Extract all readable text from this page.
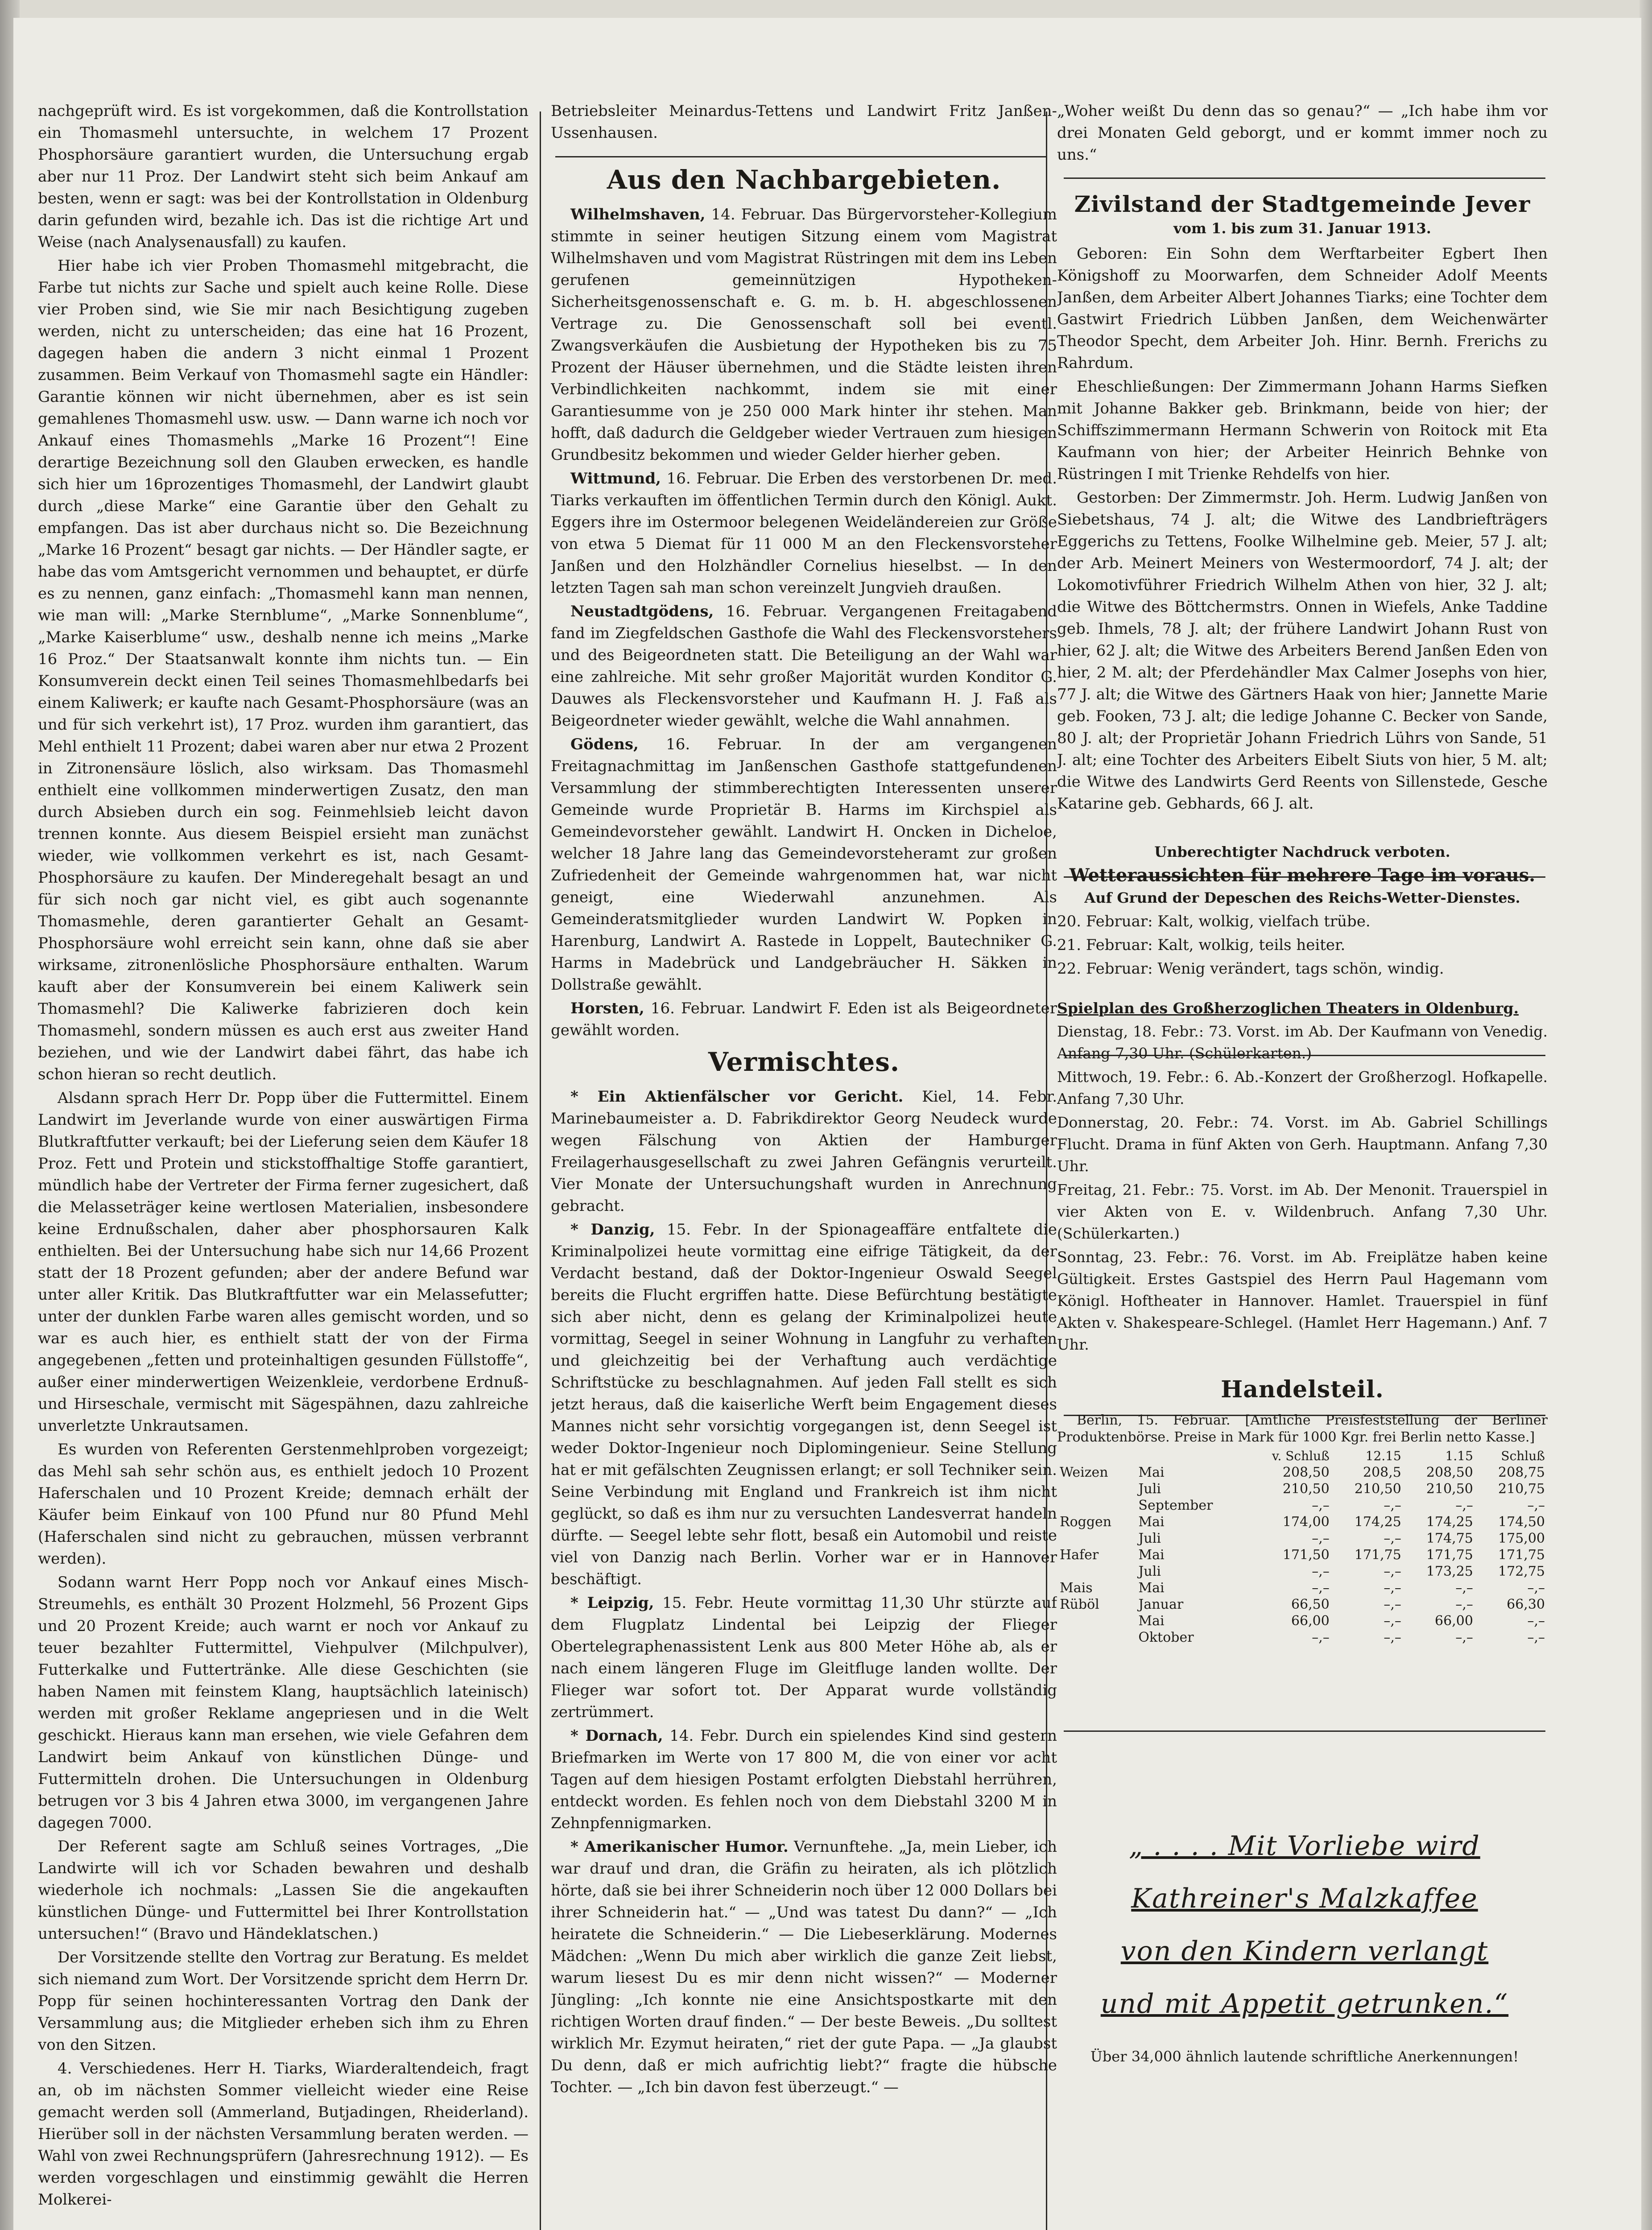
nachgeprüft wird. Es ist vorgekommen, daß die Kontrollstation ein Thomasmehl untersuchte, in welchem 17 Prozent Phosphorsäure garantiert wurden, die Untersuchung ergab aber nur 11 Proz. Der Landwirt steht sich beim Ankauf am besten, wenn er sagt: was bei der Kontrollstation in Oldenburg darin gefunden wird, bezahle ich. Das ist die richtige Art und Weise (nach Analysenausfall) zu kaufen.

Hier habe ich vier Proben Thomasmehl mitgebracht, die Farbe tut nichts zur Sache und spielt auch keine Rolle. Diese vier Proben sind, wie Sie mir nach Besichtigung zugeben werden, nicht zu unterscheiden; das eine hat 16 Prozent, dagegen haben die andern 3 nicht einmal 1 Prozent zusammen. Beim Verkauf von Thomasmehl sagte ein Händler: Garantie können wir nicht übernehmen, aber es ist sein gemahlenes Thomasmehl usw. usw. — Dann warne ich noch vor Ankauf eines Thomasmehls „Marke 16 Prozent“! Eine derartige Bezeichnung soll den Glauben erwecken, es handle sich hier um 16prozentiges Thomasmehl, der Landwirt glaubt durch „diese Marke“ eine Garantie über den Gehalt zu empfangen. Das ist aber durchaus nicht so. Die Bezeichnung „Marke 16 Prozent“ besagt gar nichts. — Der Händler sagte, er habe das vom Amtsgericht vernommen und behauptet, er dürfe es zu nennen, ganz einfach: „Thomasmehl kann man nennen, wie man will: „Marke Sternblume“, „Marke Sonnenblume“, „Marke Kaiserblume“ usw., deshalb nenne ich meins „Marke 16 Proz.“ Der Staatsanwalt konnte ihm nichts tun. — Ein Konsumverein deckt einen Teil seines Thomasmehlbedarfs bei einem Kaliwerk; er kaufte nach Gesamt-Phosphorsäure (was an und für sich verkehrt ist), 17 Proz. wurden ihm garantiert, das Mehl enthielt 11 Prozent; dabei waren aber nur etwa 2 Prozent in Zitronensäure löslich, also wirksam. Das Thomasmehl enthielt eine vollkommen minderwertigen Zusatz, den man durch Absieben durch ein sog. Feinmehlsieb leicht davon trennen konnte. Aus diesem Beispiel ersieht man zunächst wieder, wie vollkommen verkehrt es ist, nach Gesamt-Phosphorsäure zu kaufen. Der Minderegehalt besagt an und für sich noch gar nicht viel, es gibt auch sogenannte Thomasmehle, deren garantierter Gehalt an Gesamt-Phosphorsäure wohl erreicht sein kann, ohne daß sie aber wirksame, zitronenlösliche Phosphorsäure enthalten. Warum kauft aber der Konsumverein bei einem Kaliwerk sein Thomasmehl? Die Kaliwerke fabrizieren doch kein Thomasmehl, sondern müssen es auch erst aus zweiter Hand beziehen, und wie der Landwirt dabei fährt, das habe ich schon hieran so recht deutlich.

Alsdann sprach Herr Dr. Popp über die Futtermittel. Einem Landwirt im Jeverlande wurde von einer auswärtigen Firma Blutkraftfutter verkauft; bei der Lieferung seien dem Käufer 18 Proz. Fett und Protein und stickstoffhaltige Stoffe garantiert, mündlich habe der Vertreter der Firma ferner zugesichert, daß die Melasseträger keine wertlosen Materialien, insbesondere keine Erdnußschalen, daher aber phosphorsauren Kalk enthielten. Bei der Untersuchung habe sich nur 14,66 Prozent statt der 18 Prozent gefunden; aber der andere Befund war unter aller Kritik. Das Blutkraftfutter war ein Melassefutter; unter der dunklen Farbe waren alles gemischt worden, und so war es auch hier, es enthielt statt der von der Firma angegebenen „fetten und proteinhaltigen gesunden Füllstoffe“, außer einer minderwertigen Weizenkleie, verdorbene Erdnuß- und Hirseschale, vermischt mit Sägespähnen, dazu zahlreiche unverletzte Unkrautsamen.

Es wurden von Referenten Gerstenmehlproben vorgezeigt; das Mehl sah sehr schön aus, es enthielt jedoch 10 Prozent Haferschalen und 10 Prozent Kreide; demnach erhält der Käufer beim Einkauf von 100 Pfund nur 80 Pfund Mehl (Haferschalen sind nicht zu gebrauchen, müssen verbrannt werden).

Sodann warnt Herr Popp noch vor Ankauf eines Misch-Streumehls, es enthält 30 Prozent Holzmehl, 56 Prozent Gips und 20 Prozent Kreide; auch warnt er noch vor Ankauf zu teuer bezahlter Futtermittel, Viehpulver (Milchpulver), Futterkalke und Futtertränke. Alle diese Geschichten (sie haben Namen mit feinstem Klang, hauptsächlich lateinisch) werden mit großer Reklame angepriesen und in die Welt geschickt. Hieraus kann man ersehen, wie viele Gefahren dem Landwirt beim Ankauf von künstlichen Dünge- und Futtermitteln drohen. Die Untersuchungen in Oldenburg betrugen vor 3 bis 4 Jahren etwa 3000, im vergangenen Jahre dagegen 7000.

Der Referent sagte am Schluß seines Vortrages, „Die Landwirte will ich vor Schaden bewahren und deshalb wiederhole ich nochmals: „Lassen Sie die angekauften künstlichen Dünge- und Futtermittel bei Ihrer Kontrollstation untersuchen!“ (Bravo und Händeklatschen.)

Der Vorsitzende stellte den Vortrag zur Beratung. Es meldet sich niemand zum Wort. Der Vorsitzende spricht dem Herrn Dr. Popp für seinen hochinteressanten Vortrag den Dank der Versammlung aus; die Mitglieder erheben sich ihm zu Ehren von den Sitzen.

4. Verschiedenes. Herr H. Tiarks, Wiarderaltendeich, fragt an, ob im nächsten Sommer vielleicht wieder eine Reise gemacht werden soll (Ammerland, Butjadingen, Rheiderland). Hierüber soll in der nächsten Versammlung beraten werden. — Wahl von zwei Rechnungsprüfern (Jahresrechnung 1912). — Es werden vorgeschlagen und einstimmig gewählt die Herren Molkerei-

Betriebsleiter Meinardus-Tettens und Landwirt Fritz Janßen-Ussenhausen.

Aus den Nachbargebieten.

Wilhelmshaven, 14. Februar. Das Bürgervorsteher-Kollegium stimmte in seiner heutigen Sitzung einem vom Magistrat Wilhelmshaven und vom Magistrat Rüstringen mit dem ins Leben gerufenen gemeinnützigen Hypotheken-Sicherheitsgenossenschaft e. G. m. b. H. abgeschlossenen Vertrage zu. Die Genossenschaft soll bei eventl. Zwangsverkäufen die Ausbietung der Hypotheken bis zu 75 Prozent der Häuser übernehmen, und die Städte leisten ihren Verbindlichkeiten nachkommt, indem sie mit einer Garantiesumme von je 250 000 Mark hinter ihr stehen. Man hofft, daß dadurch die Geldgeber wieder Vertrauen zum hiesigen Grundbesitz bekommen und wieder Gelder hierher geben.

Wittmund, 16. Februar. Die Erben des verstorbenen Dr. med. Tiarks verkauften im öffentlichen Termin durch den Königl. Aukt. Eggers ihre im Ostermoor belegenen Weideländereien zur Größe von etwa 5 Diemat für 11 000 M an den Fleckensvorsteher Janßen und den Holzhändler Cornelius hieselbst. — In den letzten Tagen sah man schon vereinzelt Jungvieh draußen.

Neustadtgödens, 16. Februar. Vergangenen Freitagabend fand im Ziegfeldschen Gasthofe die Wahl des Fleckensvorstehers und des Beigeordneten statt. Die Beteiligung an der Wahl war eine zahlreiche. Mit sehr großer Majorität wurden Konditor G. Dauwes als Fleckensvorsteher und Kaufmann H. J. Faß als Beigeordneter wieder gewählt, welche die Wahl annahmen.

Gödens, 16. Februar. In der am vergangenen Freitagnachmittag im Janßenschen Gasthofe stattgefundenen Versammlung der stimmberechtigten Interessenten unserer Gemeinde wurde Proprietär B. Harms im Kirchspiel als Gemeindevorsteher gewählt. Landwirt H. Oncken in Dicheloe, welcher 18 Jahre lang das Gemeindevorsteheramt zur großen Zufriedenheit der Gemeinde wahrgenommen hat, war nicht geneigt, eine Wiederwahl anzunehmen. Als Gemeinderatsmitglieder wurden Landwirt W. Popken in Harenburg, Landwirt A. Rastede in Loppelt, Bautechniker G. Harms in Madebrück und Landgebräucher H. Säkken in Dollstraße gewählt.

Horsten, 16. Februar. Landwirt F. Eden ist als Beigeordneter gewählt worden.

Vermischtes.

* Ein Aktienfälscher vor Gericht. Kiel, 14. Febr. Marinebaumeister a. D. Fabrikdirektor Georg Neudeck wurde wegen Fälschung von Aktien der Hamburger Freilagerhausgesellschaft zu zwei Jahren Gefängnis verurteilt. Vier Monate der Untersuchungshaft wurden in Anrechnung gebracht.

* Danzig, 15. Febr. In der Spionageaffäre entfaltete die Kriminalpolizei heute vormittag eine eifrige Tätigkeit, da der Verdacht bestand, daß der Doktor-Ingenieur Oswald Seegel bereits die Flucht ergriffen hatte. Diese Befürchtung bestätigte sich aber nicht, denn es gelang der Kriminalpolizei heute vormittag, Seegel in seiner Wohnung in Langfuhr zu verhaften und gleichzeitig bei der Verhaftung auch verdächtige Schriftstücke zu beschlagnahmen. Auf jeden Fall stellt es sich jetzt heraus, daß die kaiserliche Werft beim Engagement dieses Mannes nicht sehr vorsichtig vorgegangen ist, denn Seegel ist weder Doktor-Ingenieur noch Diplomingenieur. Seine Stellung hat er mit gefälschten Zeugnissen erlangt; er soll Techniker sein. Seine Verbindung mit England und Frankreich ist ihm nicht geglückt, so daß es ihm nur zu versuchten Landesverrat handeln dürfte. — Seegel lebte sehr flott, besaß ein Automobil und reiste viel von Danzig nach Berlin. Vorher war er in Hannover beschäftigt.

* Leipzig, 15. Febr. Heute vormittag 11,30 Uhr stürzte auf dem Flugplatz Lindental bei Leipzig der Flieger Obertelegraphenassistent Lenk aus 800 Meter Höhe ab, als er nach einem längeren Fluge im Gleitfluge landen wollte. Der Flieger war sofort tot. Der Apparat wurde vollständig zertrümmert.

* Dornach, 14. Febr. Durch ein spielendes Kind sind gestern Briefmarken im Werte von 17 800 M, die von einer vor acht Tagen auf dem hiesigen Postamt erfolgten Diebstahl herrühren, entdeckt worden. Es fehlen noch von dem Diebstahl 3200 M in Zehnpfennigmarken.

* Amerikanischer Humor. Vernunftehe. „Ja, mein Lieber, ich war drauf und dran, die Gräfin zu heiraten, als ich plötzlich hörte, daß sie bei ihrer Schneiderin noch über 12 000 Dollars bei ihrer Schneiderin hat.“ — „Und was tatest Du dann?“ — „Ich heiratete die Schneiderin.“ — Die Liebeserklärung. Modernes Mädchen: „Wenn Du mich aber wirklich die ganze Zeit liebst, warum liesest Du es mir denn nicht wissen?“ — Moderner Jüngling: „Ich konnte nie eine Ansichtspostkarte mit den richtigen Worten drauf finden.“ — Der beste Beweis. „Du solltest wirklich Mr. Ezymut heiraten,“ riet der gute Papa. — „Ja glaubst Du denn, daß er mich aufrichtig liebt?“ fragte die hübsche Tochter. — „Ich bin davon fest überzeugt.“ —

„Woher weißt Du denn das so genau?“ — „Ich habe ihm vor drei Monaten Geld geborgt, und er kommt immer noch zu uns.“

Zivilstand der Stadtgemeinde Jever
vom 1. bis zum 31. Januar 1913.

Geboren: Ein Sohn dem Werftarbeiter Egbert Ihen Königshoff zu Moorwarfen, dem Schneider Adolf Meents Janßen, dem Arbeiter Albert Johannes Tiarks; eine Tochter dem Gastwirt Friedrich Lübben Janßen, dem Weichenwärter Theodor Specht, dem Arbeiter Joh. Hinr. Bernh. Frerichs zu Rahrdum.

Eheschließungen: Der Zimmermann Johann Harms Siefken mit Johanne Bakker geb. Brinkmann, beide von hier; der Schiffszimmermann Hermann Schwerin von Roitock mit Eta Kaufmann von hier; der Arbeiter Heinrich Behnke von Rüstringen I mit Trienke Rehdelfs von hier.

Gestorben: Der Zimmermstr. Joh. Herm. Ludwig Janßen von Siebetshaus, 74 J. alt; die Witwe des Landbriefträgers Eggerichs zu Tettens, Foolke Wilhelmine geb. Meier, 57 J. alt; der Arb. Meinert Meiners von Westermoordorf, 74 J. alt; der Lokomotivführer Friedrich Wilhelm Athen von hier, 32 J. alt; die Witwe des Böttchermstrs. Onnen in Wiefels, Anke Taddine geb. Ihmels, 78 J. alt; der frühere Landwirt Johann Rust von hier, 62 J. alt; die Witwe des Arbeiters Berend Janßen Eden von hier, 2 M. alt; der Pferdehändler Max Calmer Josephs von hier, 77 J. alt; die Witwe des Gärtners Haak von hier; Jannette Marie geb. Fooken, 73 J. alt; die ledige Johanne C. Becker von Sande, 80 J. alt; der Proprietär Johann Friedrich Lührs von Sande, 51 J. alt; eine Tochter des Arbeiters Eibelt Siuts von hier, 5 M. alt; die Witwe des Landwirts Gerd Reents von Sillenstede, Gesche Katarine geb. Gebhards, 66 J. alt.

Unberechtigter Nachdruck verboten.
Wetteraussichten für mehrere Tage im voraus.
Auf Grund der Depeschen des Reichs-Wetter-Dienstes.

20. Februar: Kalt, wolkig, vielfach trübe.

21. Februar: Kalt, wolkig, teils heiter.

22. Februar: Wenig verändert, tags schön, windig.

Spielplan des Großherzoglichen Theaters in Oldenburg.

Dienstag, 18. Febr.: 73. Vorst. im Ab. Der Kaufmann von Venedig. Anfang 7,30 Uhr. (Schülerkarten.)

Mittwoch, 19. Febr.: 6. Ab.-Konzert der Großherzogl. Hofkapelle. Anfang 7,30 Uhr.

Donnerstag, 20. Febr.: 74. Vorst. im Ab. Gabriel Schillings Flucht. Drama in fünf Akten von Gerh. Hauptmann. Anfang 7,30 Uhr.

Freitag, 21. Febr.: 75. Vorst. im Ab. Der Menonit. Trauerspiel in vier Akten von E. v. Wildenbruch. Anfang 7,30 Uhr. (Schülerkarten.)

Sonntag, 23. Febr.: 76. Vorst. im Ab. Freiplätze haben keine Gültigkeit. Erstes Gastspiel des Herrn Paul Hagemann vom Königl. Hoftheater in Hannover. Hamlet. Trauerspiel in fünf Akten v. Shakespeare-Schlegel. (Hamlet Herr Hagemann.) Anf. 7 Uhr.

Handelsteil.

Berlin, 15. Februar. [Amtliche Preisfeststellung der Berliner Produktenbörse. Preise in Mark für 1000 Kgr. frei Berlin netto Kasse.]

		v. Schluß	12.15	1.15	Schluß
Weizen	Mai	208,50	208,5	208,50	208,75
	Juli	210,50	210,50	210,50	210,75
	September	–,–	–,–	–,–	–,–
Roggen	Mai	174,00	174,25	174,25	174,50
	Juli	–,–	–,–	174,75	175,00
Hafer	Mai	171,50	171,75	171,75	171,75
	Juli	–,–	–,–	173,25	172,75
Mais	Mai	–,–	–,–	–,–	–,–
Rüböl	Januar	66,50	–,–	–,–	66,30
	Mai	66,00	–,–	66,00	–,–
	Oktober	–,–	–,–	–,–	–,–
„ . . . . Mit Vorliebe wird
Kathreiner's Malzkaffee
von den Kindern verlangt
und mit Appetit getrunken.“
Über 34,000 ähnlich lautende schriftliche Anerkennungen!
